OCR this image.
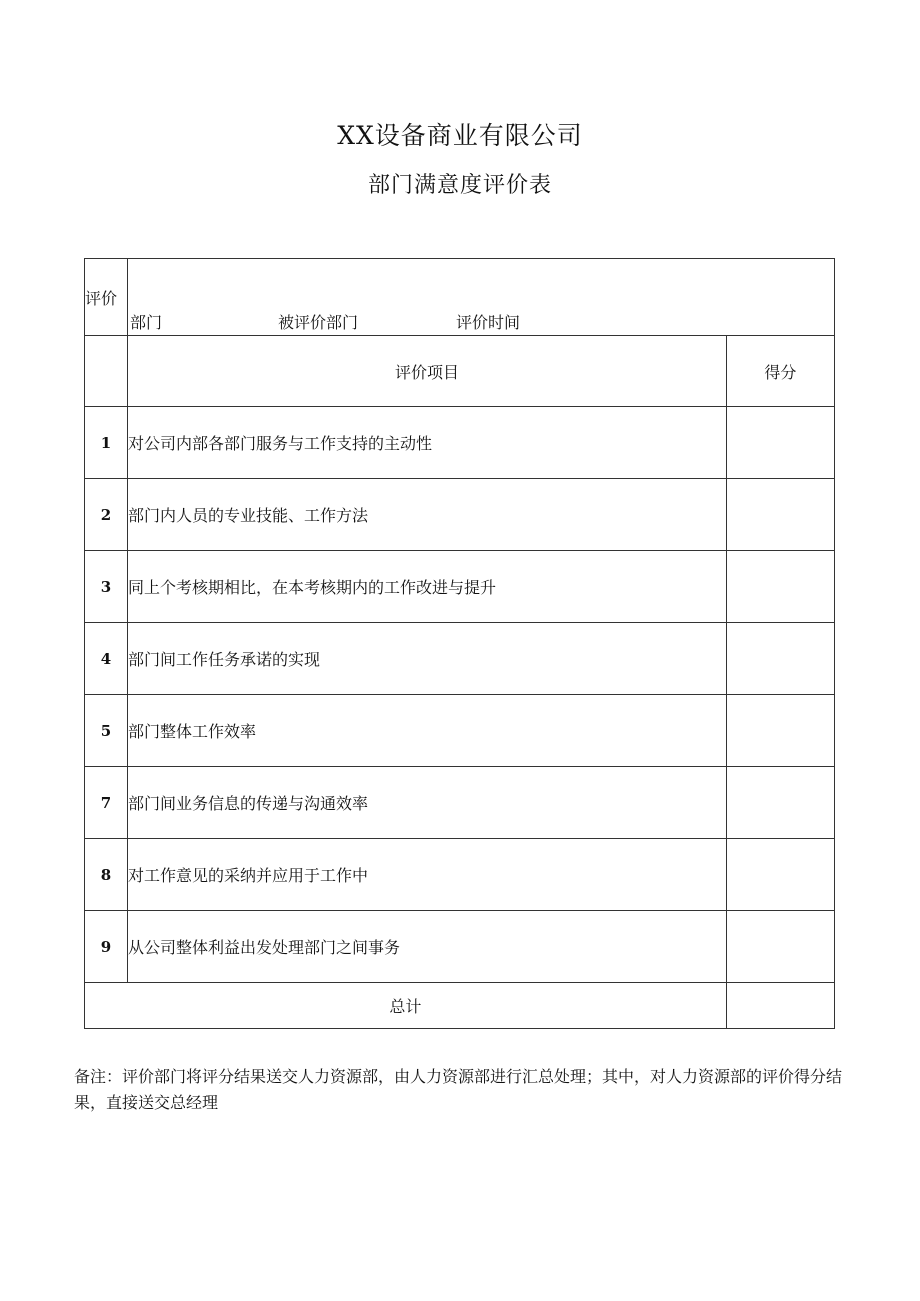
XX设备商业有限公司
部门满意度评价表
评价	部门 被评价部门 评价时间	

	评价项目	得分
1	对公司内部各部门服务与工作支持的主动性	
2	部门内人员的专业技能、工作方法	
3	同上个考核期相比，在本考核期内的工作改进与提升	
4	部门间工作任务承诺的实现	
5	部门整体工作效率	
7	部门间业务信息的传递与沟通效率	
8	对工作意见的采纳并应用于工作中	
9	从公司整体利益出发处理部门之间事务	
总计		
备注：评价部门将评分结果送交人力资源部，由人力资源部进行汇总处理；其中，对人力资源部的评价得分结果，直接送交总经理
